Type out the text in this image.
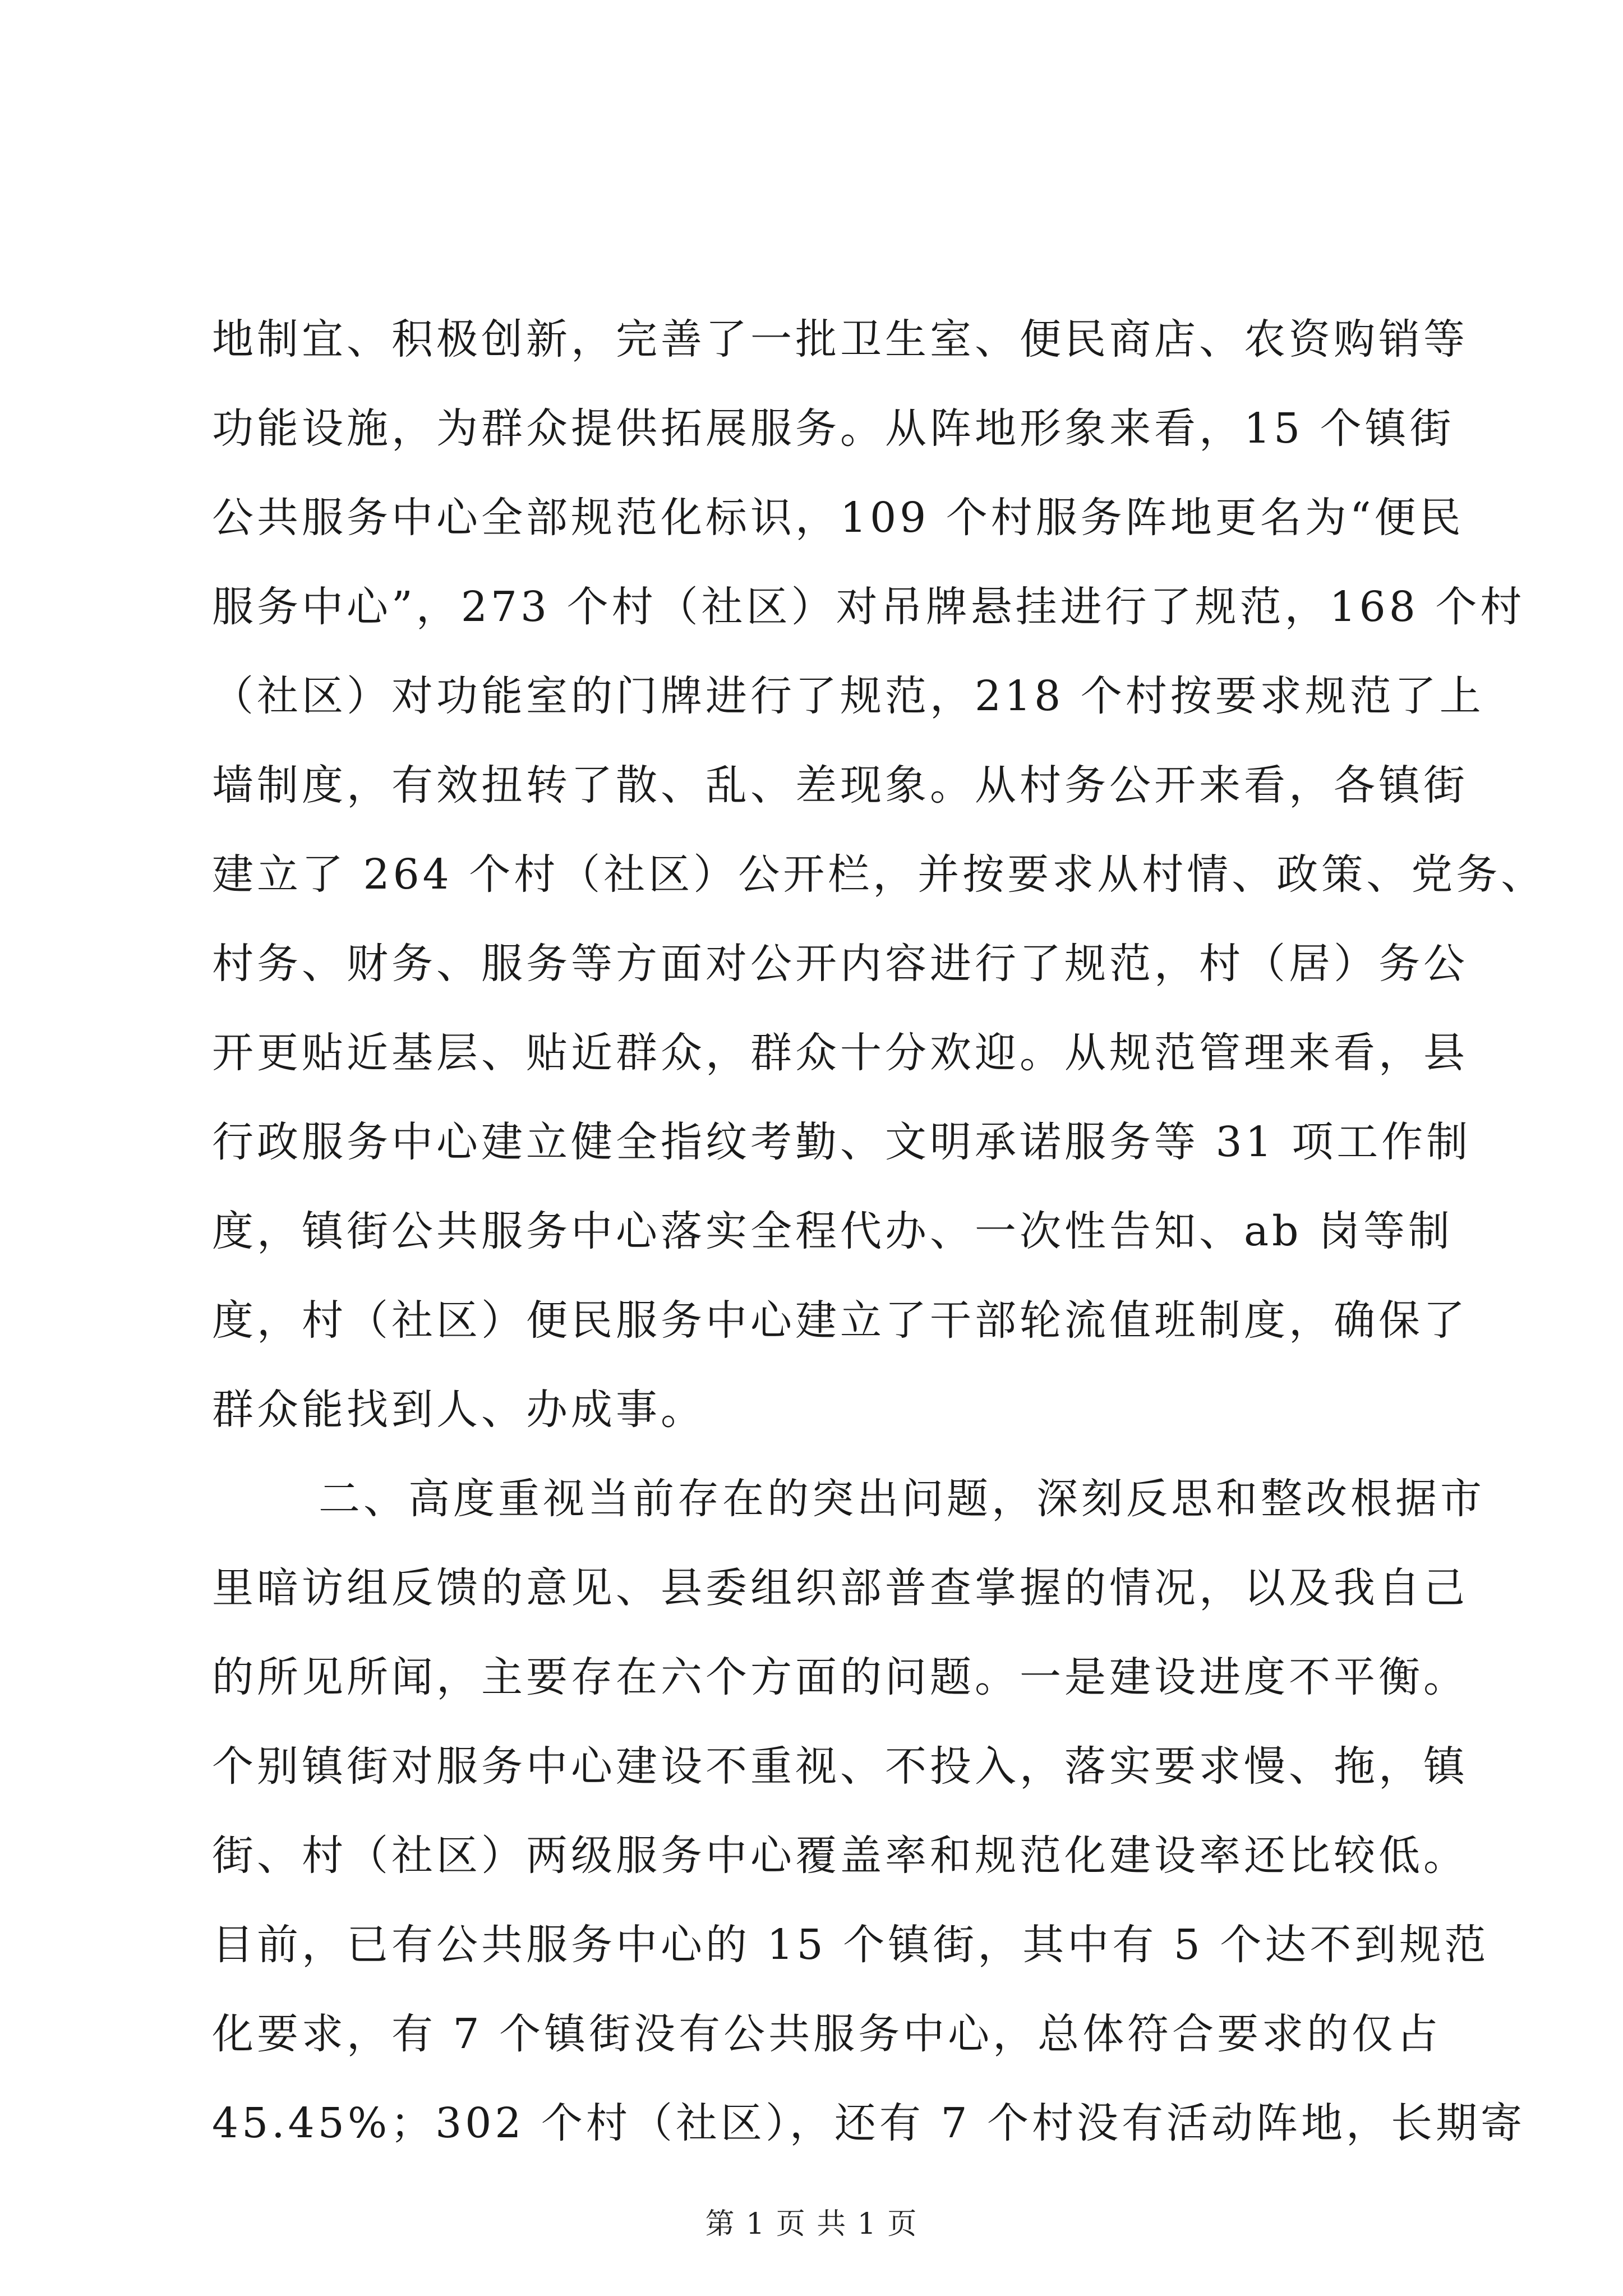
地制宜、积极创新，完善了一批卫生室、便民商店、农资购销等
功能设施，为群众提供拓展服务。从阵地形象来看，15 个镇街
公共服务中心全部规范化标识，109 个村服务阵地更名为“便民
服务中心”，273 个村（社区）对吊牌悬挂进行了规范，168 个村
（社区）对功能室的门牌进行了规范，218 个村按要求规范了上
墙制度，有效扭转了散、乱、差现象。从村务公开来看，各镇街
建立了 264 个村（社区）公开栏，并按要求从村情、政策、党务、
村务、财务、服务等方面对公开内容进行了规范，村（居）务公
开更贴近基层、贴近群众，群众十分欢迎。从规范管理来看，县
行政服务中心建立健全指纹考勤、文明承诺服务等 31 项工作制
度，镇街公共服务中心落实全程代办、一次性告知、ab 岗等制
度，村（社区）便民服务中心建立了干部轮流值班制度，确保了
群众能找到人、办成事。
二、高度重视当前存在的突出问题，深刻反思和整改根据市
里暗访组反馈的意见、县委组织部普查掌握的情况，以及我自己
的所见所闻，主要存在六个方面的问题。一是建设进度不平衡。
个别镇街对服务中心建设不重视、不投入，落实要求慢、拖，镇
街、村（社区）两级服务中心覆盖率和规范化建设率还比较低。
目前，已有公共服务中心的 15 个镇街，其中有 5 个达不到规范
化要求，有 7 个镇街没有公共服务中心，总体符合要求的仅占
45.45%；302 个村（社区），还有 7 个村没有活动阵地，长期寄
第 1 页 共 1 页
